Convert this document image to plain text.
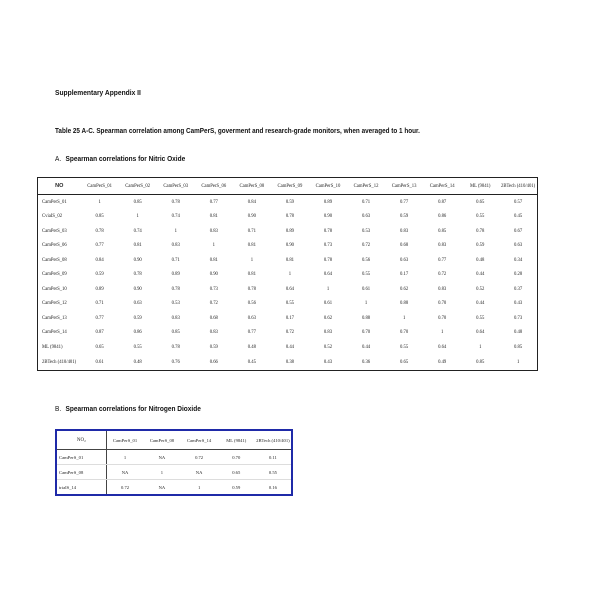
Supplementary Appendix II
Table 25 A-C. Spearman correlation among CamPerS, goverment and research-grade monitors, when averaged to 1 hour.
A. Spearman correlations for Nitric Oxide
NO	CamPerS_01	CamPerS_02	CamPerS_03	CamPerS_06	CamPerS_08	CamPerS_09	CamPerS_10	CamPerS_12	CamPerS_13	CamPerS_14	ML (9841)	2BTech (410/401)
CamPerS_01	1	0.85	0.78	0.77	0.84	0.59	0.89	0.71	0.77	0.87	0.65	0.57
CviaIS_02	0.85	1	0.74	0.81	0.90	0.78	0.90	0.63	0.59	0.86	0.55	0.45
CamPerS_03	0.78	0.74	1	0.83	0.71	0.89	0.78	0.53	0.83	0.85	0.78	0.67
CamPerS_06	0.77	0.81	0.83	1	0.81	0.90	0.73	0.72	0.68	0.83	0.59	0.63
CamPerS_08	0.84	0.90	0.71	0.81	1	0.81	0.78	0.56	0.63	0.77	0.48	0.34
CamPerS_09	0.59	0.78	0.89	0.90	0.81	1	0.64	0.55	0.17	0.72	0.44	0.28
CamPerS_10	0.89	0.90	0.78	0.73	0.78	0.64	1	0.61	0.62	0.83	0.52	0.37
CamPerS_12	0.71	0.63	0.53	0.72	0.56	0.55	0.61	1	0.88	0.70	0.44	0.43
CamPerS_13	0.77	0.59	0.83	0.68	0.63	0.17	0.62	0.88	1	0.70	0.55	0.73
CamPerS_14	0.87	0.86	0.85	0.83	0.77	0.72	0.83	0.70	0.70	1	0.64	0.48
ML (9841)	0.65	0.55	0.78	0.59	0.48	0.44	0.52	0.44	0.55	0.64	1	0.85
2BTech (410/401)	0.61	0.48	0.76	0.66	0.45	0.38	0.43	0.36	0.65	0.49	0.85	1
B. Spearman correlations for Nitrogen Dioxide
NO₂	CamPerS_01	CamPerS_08	CamPerS_14	ML (9841)	2BTech (410/401)
CamPerS_01	1	NA	0.72	0.70	0.11
CamPerS_08	NA	1	NA	0.65	0.55
triaIS_14	0.72	NA	1	0.59	0.16
